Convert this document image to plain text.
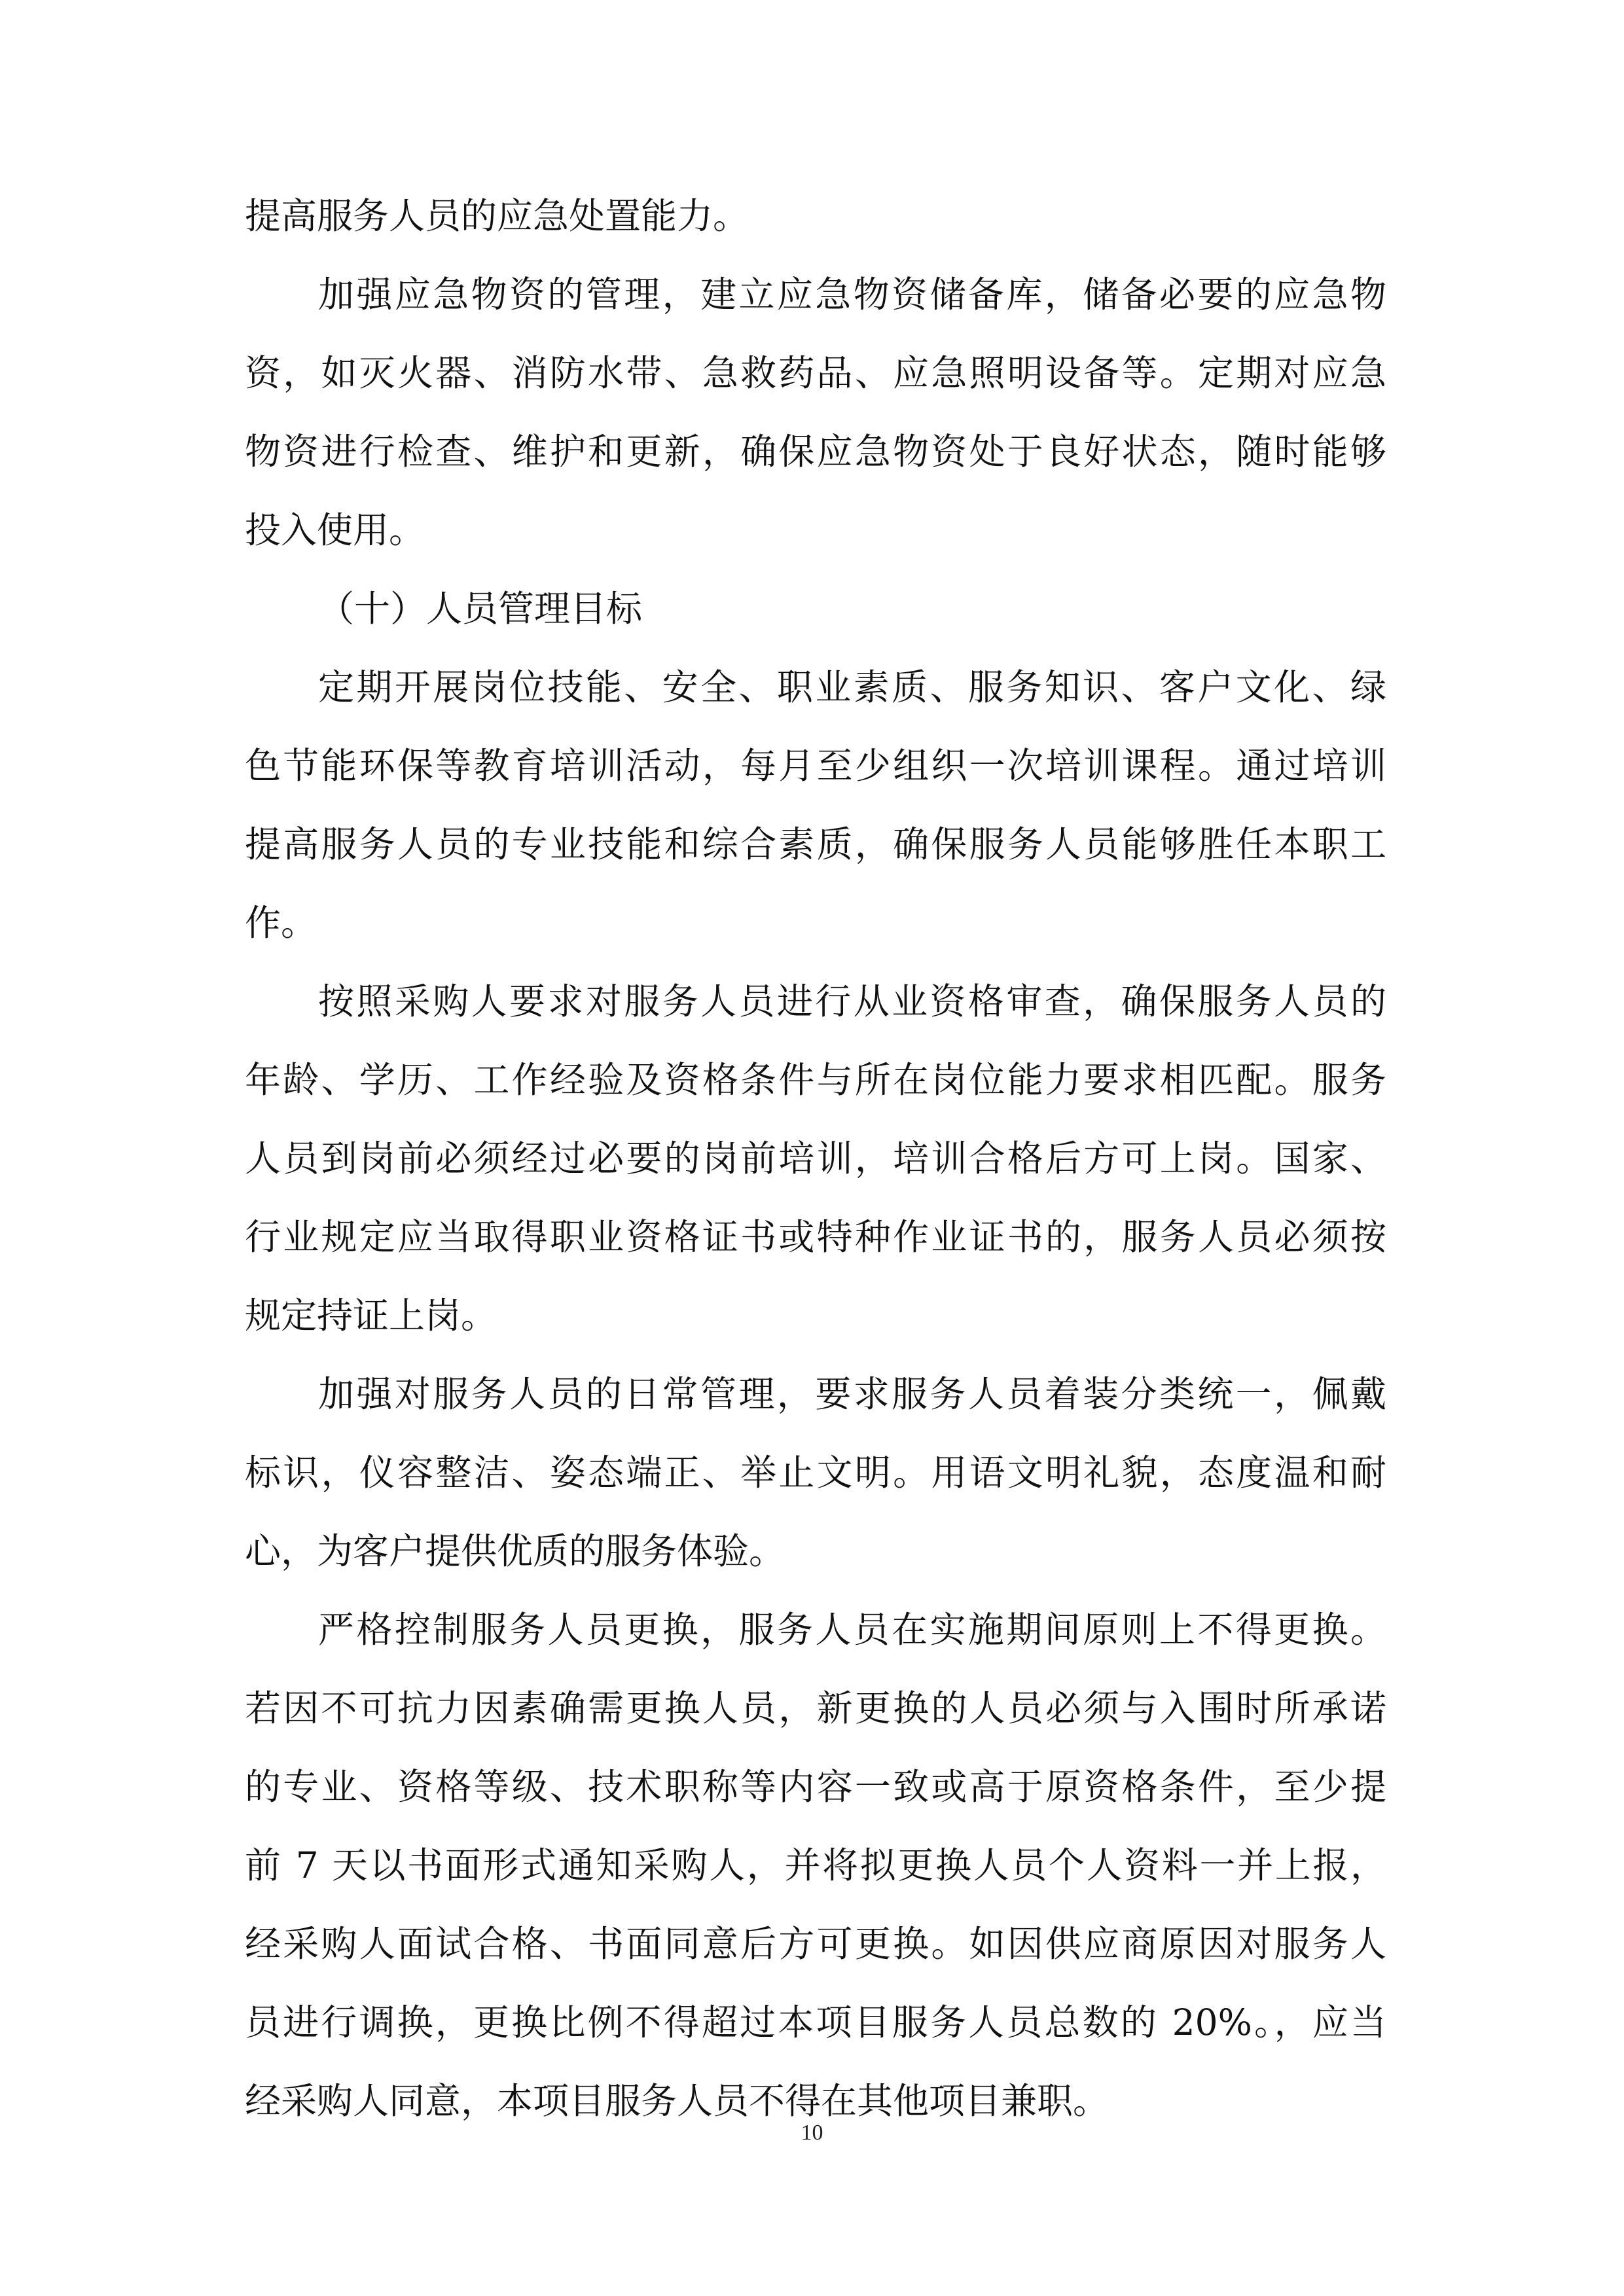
提高服务人员的应急处置能力。
加强应急物资的管理，建立应急物资储备库，储备必要的应急物
资，如灭火器、消防水带、急救药品、应急照明设备等。定期对应急
物资进行检查、维护和更新，确保应急物资处于良好状态，随时能够
投入使用。
（十）人员管理目标
定期开展岗位技能、安全、职业素质、服务知识、客户文化、绿
色节能环保等教育培训活动，每月至少组织一次培训课程。通过培训
提高服务人员的专业技能和综合素质，确保服务人员能够胜任本职工
作。
按照采购人要求对服务人员进行从业资格审查，确保服务人员的
年龄、学历、工作经验及资格条件与所在岗位能力要求相匹配。服务
人员到岗前必须经过必要的岗前培训，培训合格后方可上岗。国家、
行业规定应当取得职业资格证书或特种作业证书的，服务人员必须按
规定持证上岗。
加强对服务人员的日常管理，要求服务人员着装分类统一，佩戴
标识，仪容整洁、姿态端正、举止文明。用语文明礼貌，态度温和耐
心，为客户提供优质的服务体验。
严格控制服务人员更换，服务人员在实施期间原则上不得更换。
若因不可抗力因素确需更换人员，新更换的人员必须与入围时所承诺
的专业、资格等级、技术职称等内容一致或高于原资格条件，至少提
前 7 天以书面形式通知采购人，并将拟更换人员个人资料一并上报，
经采购人面试合格、书面同意后方可更换。如因供应商原因对服务人
员进行调换，更换比例不得超过本项目服务人员总数的 20%。，应当
经采购人同意，本项目服务人员不得在其他项目兼职。
10
